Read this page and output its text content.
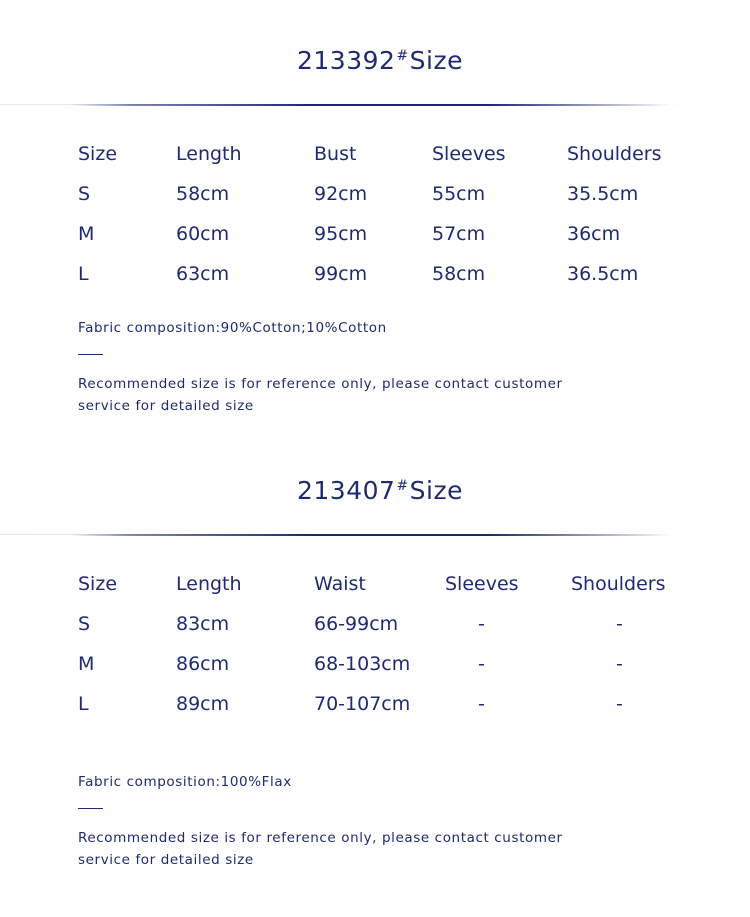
213392#Size
Size	Length	Bust	Sleeves	Shoulders
S	58cm	92cm	55cm	35.5cm
M	60cm	95cm	57cm	36cm
L	63cm	99cm	58cm	36.5cm
Fabric composition:90%Cotton;10%Cotton
Recommended size is for reference only, please contact customer
service for detailed size
213407#Size
Size	Length	Waist	Sleeves	Shoulders
S	83cm	66-99cm	-	-
M	86cm	68-103cm	-	-
L	89cm	70-107cm	-	-
Fabric composition:100%Flax
Recommended size is for reference only, please contact customer
service for detailed size
